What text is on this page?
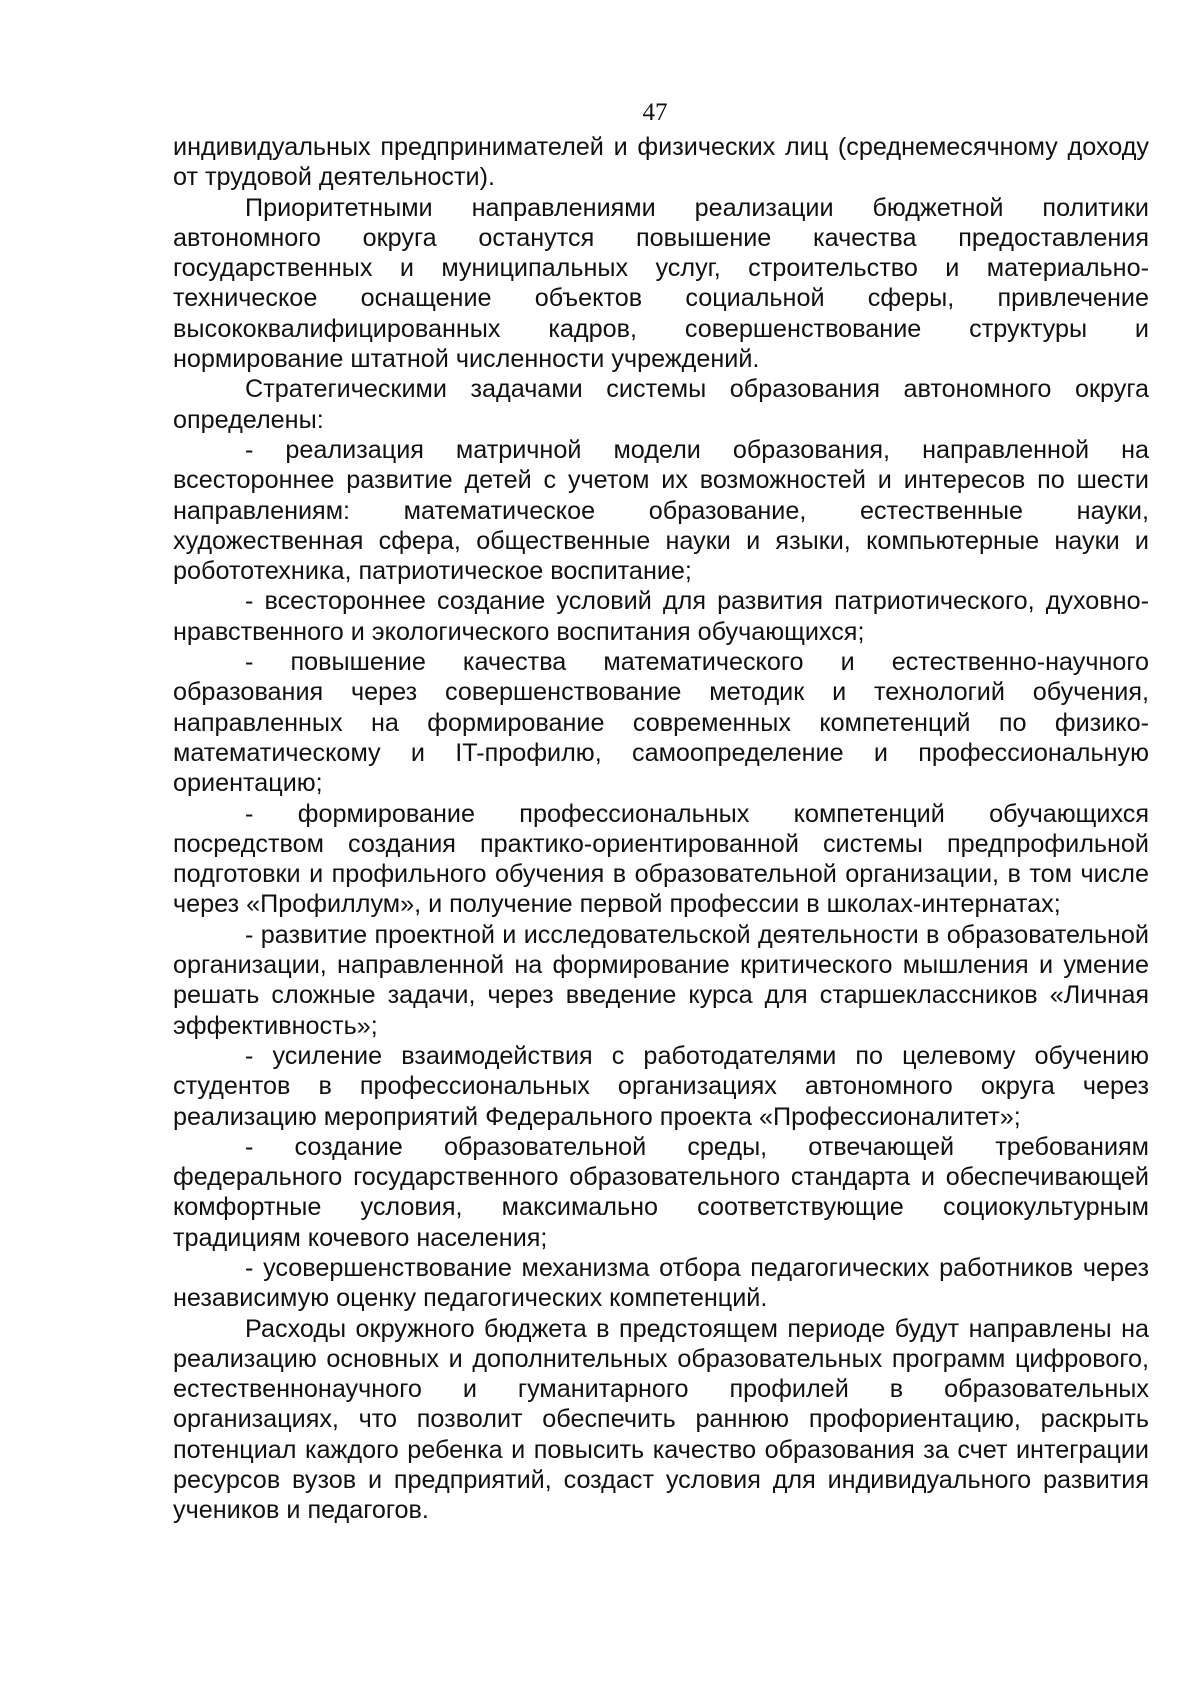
47

индивидуальных предпринимателей и физических лиц (среднемесячному доходу от трудовой деятельности).

Приоритетными направлениями реализации бюджетной политики автономного округа останутся повышение качества предоставления государственных и муниципальных услуг, строительство и материально-техническое оснащение объектов социальной сферы, привлечение высококвалифицированных кадров, совершенствование структуры и нормирование штатной численности учреждений.

Стратегическими задачами системы образования автономного округа определены:

- реализация матричной модели образования, направленной на всестороннее развитие детей с учетом их возможностей и интересов по шести направлениям: математическое образование, естественные науки, художественная сфера, общественные науки и языки, компьютерные науки и робототехника, патриотическое воспитание;

- всестороннее создание условий для развития патриотического, духовно-нравственного и экологического воспитания обучающихся;

- повышение качества математического и естественно-научного образования через совершенствование методик и технологий обучения, направленных на формирование современных компетенций по физико-математическому и IT-профилю, самоопределение и профессиональную ориентацию;

- формирование профессиональных компетенций обучающихся посредством создания практико-ориентированной системы предпрофильной подготовки и профильного обучения в образовательной организации, в том числе через «Профиллум», и получение первой профессии в школах-интернатах;

- развитие проектной и исследовательской деятельности в образовательной организации, направленной на формирование критического мышления и умение решать сложные задачи, через введение курса для старшеклассников «Личная эффективность»;

- усиление взаимодействия с работодателями по целевому обучению студентов в профессиональных организациях автономного округа через реализацию мероприятий Федерального проекта «Профессионалитет»;

- создание образовательной среды, отвечающей требованиям федерального государственного образовательного стандарта и обеспечивающей комфортные условия, максимально соответствующие социокультурным традициям кочевого населения;

- усовершенствование механизма отбора педагогических работников через независимую оценку педагогических компетенций.

Расходы окружного бюджета в предстоящем периоде будут направлены на реализацию основных и дополнительных образовательных программ цифрового, естественнонаучного и гуманитарного профилей в образовательных организациях, что позволит обеспечить раннюю профориентацию, раскрыть потенциал каждого ребенка и повысить качество образования за счет интеграции ресурсов вузов и предприятий, создаст условия для индивидуального развития учеников и педагогов.
